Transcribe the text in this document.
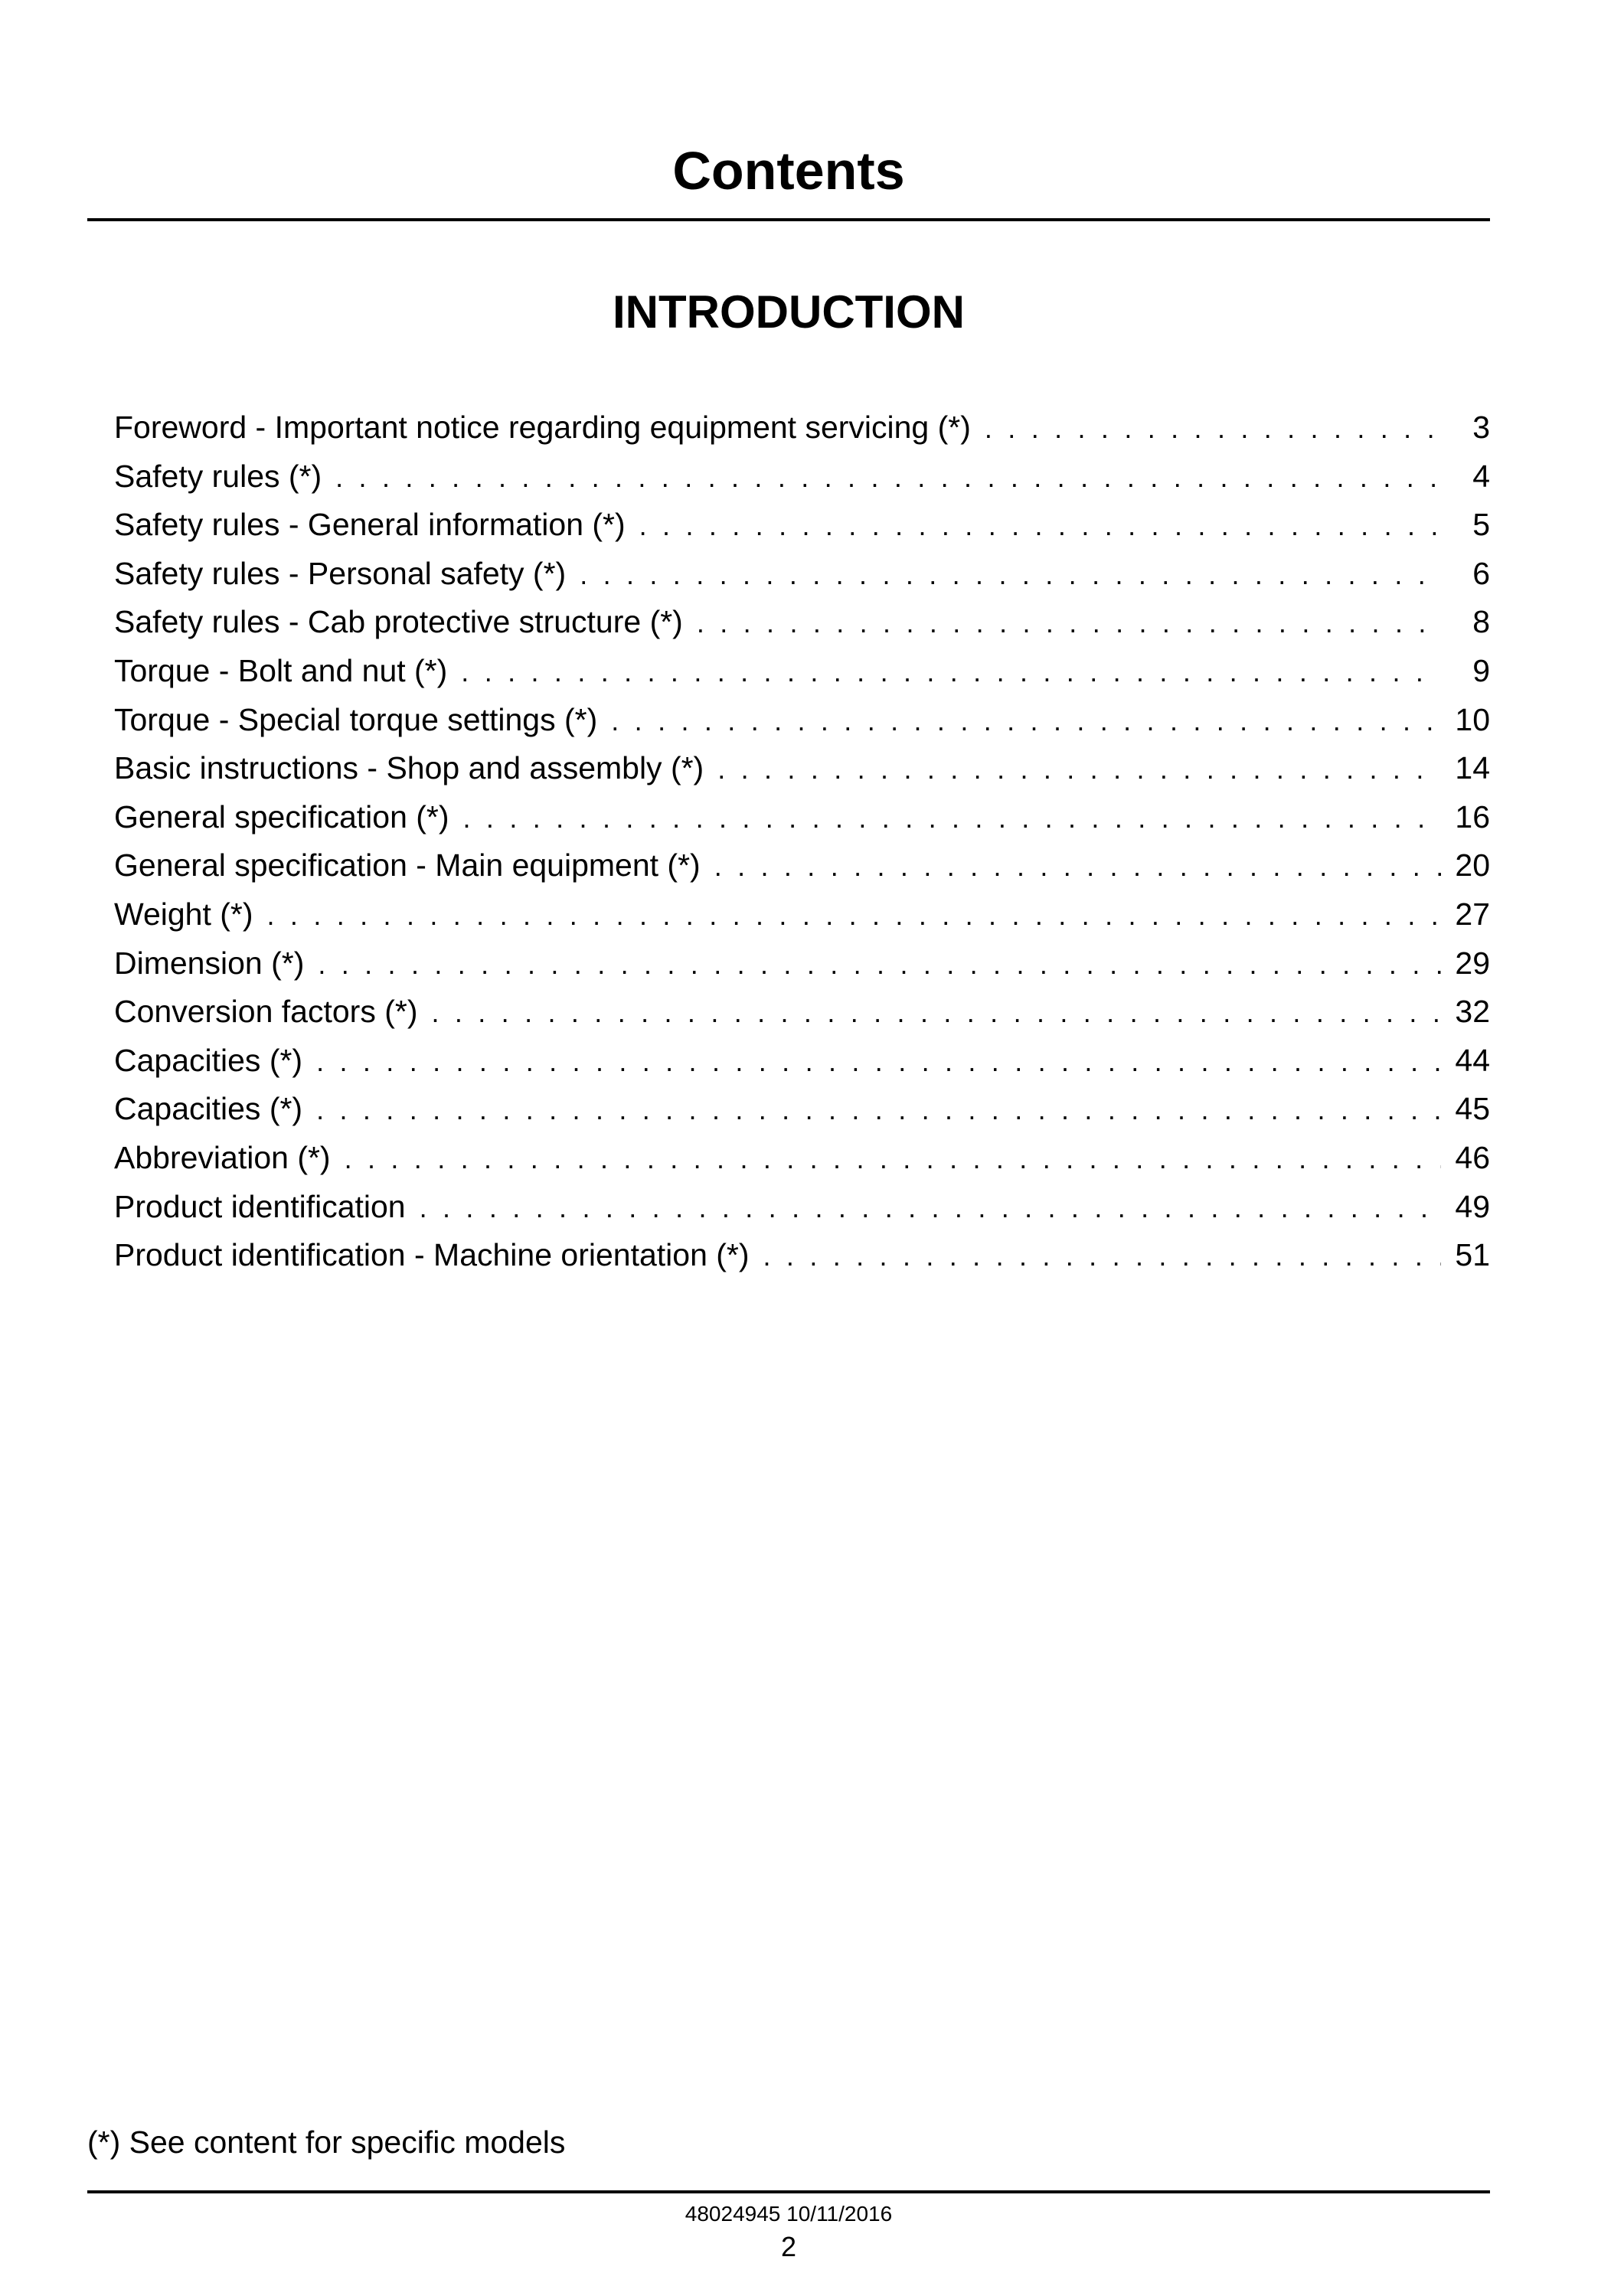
Contents
INTRODUCTION
Foreword - Important notice regarding equipment servicing (*) . . .	3
Safety rules (*) . . .	4
Safety rules - General information (*) . . .	5
Safety rules - Personal safety (*) . . .	6
Safety rules - Cab protective structure (*) . . .	8
Torque - Bolt and nut (*) . . .	9
Torque - Special torque settings (*) . . .	10
Basic instructions - Shop and assembly (*) . . .	14
General specification (*) . . .	16
General specification - Main equipment (*) . . .	20
Weight (*) . . .	27
Dimension (*) . . .	29
Conversion factors (*) . . .	32
Capacities (*) . . .	44
Capacities (*) . . .	45
Abbreviation (*) . . .	46
Product identification . . .	49
Product identification - Machine orientation (*) . . .	51
(*) See content for specific models
48024945 10/11/2016
2
